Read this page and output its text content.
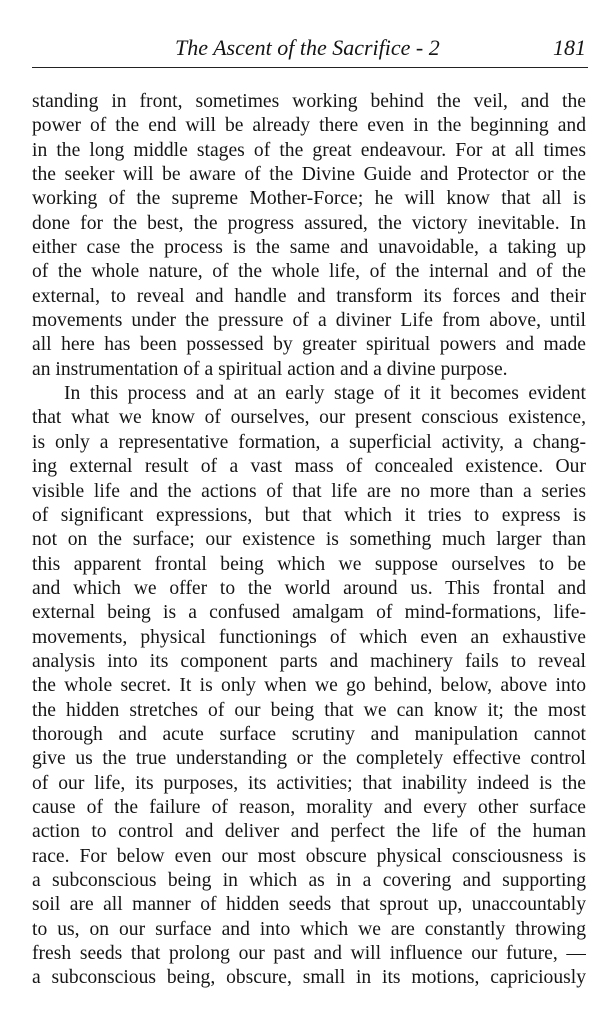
The Ascent of the Sacrifice - 2	181
standing in front, sometimes working behind the veil, and the
power of the end will be already there even in the beginning and
in the long middle stages of the great endeavour. For at all times
the seeker will be aware of the Divine Guide and Protector or the
working of the supreme Mother-Force; he will know that all is
done for the best, the progress assured, the victory inevitable. In
either case the process is the same and unavoidable, a taking up
of the whole nature, of the whole life, of the internal and of the
external, to reveal and handle and transform its forces and their
movements under the pressure of a diviner Life from above, until
all here has been possessed by greater spiritual powers and made
an instrumentation of a spiritual action and a divine purpose.
In this process and at an early stage of it it becomes evident
that what we know of ourselves, our present conscious existence,
is only a representative formation, a superficial activity, a chang-
ing external result of a vast mass of concealed existence. Our
visible life and the actions of that life are no more than a series
of significant expressions, but that which it tries to express is
not on the surface; our existence is something much larger than
this apparent frontal being which we suppose ourselves to be
and which we offer to the world around us. This frontal and
external being is a confused amalgam of mind-formations, life-
movements, physical functionings of which even an exhaustive
analysis into its component parts and machinery fails to reveal
the whole secret. It is only when we go behind, below, above into
the hidden stretches of our being that we can know it; the most
thorough and acute surface scrutiny and manipulation cannot
give us the true understanding or the completely effective control
of our life, its purposes, its activities; that inability indeed is the
cause of the failure of reason, morality and every other surface
action to control and deliver and perfect the life of the human
race. For below even our most obscure physical consciousness is
a subconscious being in which as in a covering and supporting
soil are all manner of hidden seeds that sprout up, unaccountably
to us, on our surface and into which we are constantly throwing
fresh seeds that prolong our past and will influence our future, —
a subconscious being, obscure, small in its motions, capriciously
